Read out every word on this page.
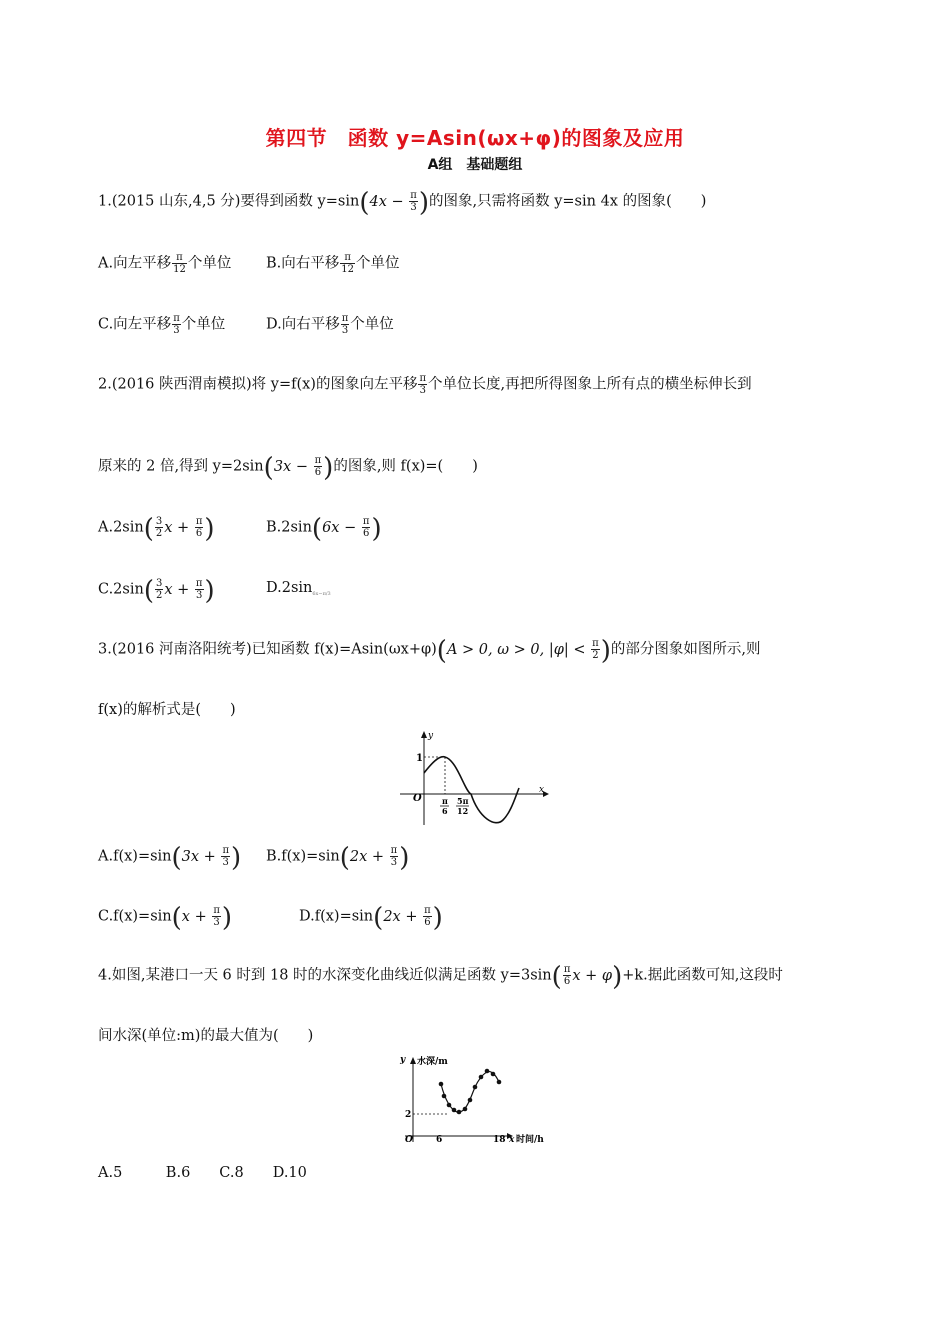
第四节　函数 y=Asin(ωx+φ)的图象及应用
A组　基础题组
1.(2015 山东,4,5 分)要得到函数 $y=\sin(4x - \frac{\pi}{3}$ )的图象,只需将函数 y=sin 4x 的图象(　　)
A.向左平移 $\frac{\pi}{12}$ 个单位 B.向右平移 $\frac{\pi}{12}$ 个单位
C.向左平移 $\frac{\pi}{3}$ 个单位	D.向右平移 $\frac{\pi}{3}$ 个单位
2.(2016 陕西渭南模拟)将 y=f(x)的图象向左平移 $\frac{\pi}{3}$ 个单位长度,再把所得图象上所有点的横坐标伸长到
原来的 2 倍,得到 $y=2\sin(3x - \frac{\pi}{6}$ )的图象,则 f(x)=(　　)
$A.2\sin( \frac{3}{2}$ $x + \frac{\pi}{6}$ )	$B.2\sin(6x - \frac{\pi}{6}$ )
$C.2\sin( \frac{3}{2}$ $x + \frac{\pi}{3}$ )	$D.2\sin_{6x-\pi/3}$
3.(2016 河南洛阳统考)已知函数 f(x)=Asin(ωx+φ)(A > 0, ω > 0, $|\varphi| < \frac{\pi}{2}$ )的部分图象如图所示,则
f(x)的解析式是(　　)
y
x
O
1
π
6
5π
12
$A.f(x)=\sin(3x + \frac{\pi}{3}$ ) $B.f(x)=\sin(2x + \frac{\pi}{3}$ )
$C.f(x)=\sin(x + \frac{\pi}{3}$ )	$D.f(x)=\sin(2x + \frac{\pi}{6}$ )
4.如图,某港口一天 6 时到 18 时的水深变化曲线近似满足函数 $y=3\sin( \frac{\pi}{6}$ x + φ)+k.据此函数可知,这段时
间水深(单位:m)的最大值为(　　)
y 水深/m
O
2
6	18 x 时间/h
A.5　　　B.6　　C.8　　D.10
